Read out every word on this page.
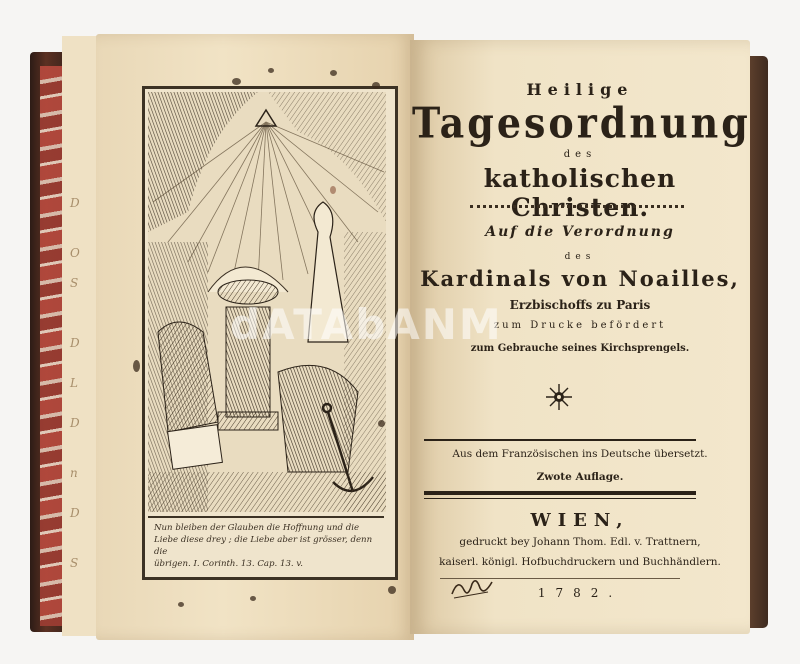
D
O
S
D
L
D
n
D
S
Nun bleiben der Glauben die Hoffnung und die
Liebe diese drey ; die Liebe aber ist grösser, denn die
übrigen. I. Corinth. 13. Cap. 13. v.
Heilige
Tagesordnung
des
katholischen Christen.
Auf die Verordnung
des
Kardinals von Noailles,
Erzbischoffs zu Paris
zum Drucke befördert
zum Gebrauche seines Kirchsprengels.
Aus dem Französischen ins Deutsche übersetzt.
Zwote Auflage.
WIEN,
gedruckt bey Johann Thom. Edl. v. Trattnern,
kaiserl. königl. Hofbuchdruckern und Buchhändlern.
1782.
dATAbANM
